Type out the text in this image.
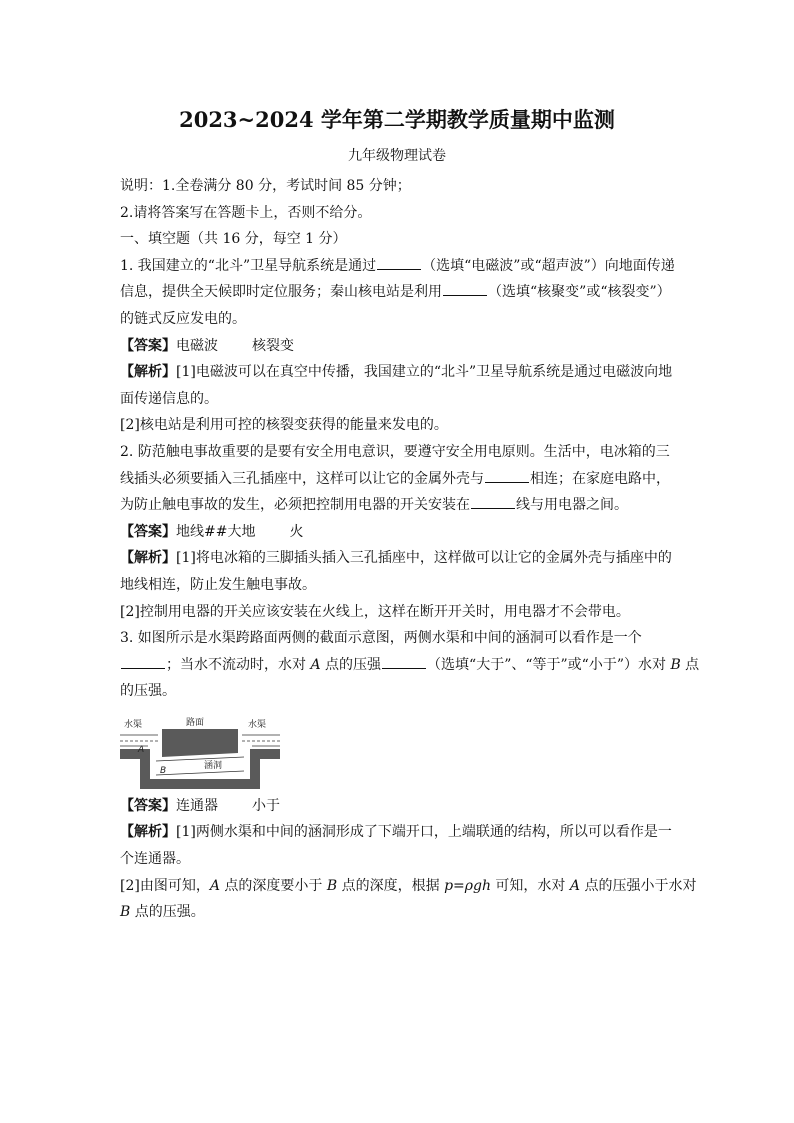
2023~2024 学年第二学期教学质量期中监测
九年级物理试卷
说明：1.全卷满分 80 分，考试时间 85 分钟；
2.请将答案写在答题卡上，否则不给分。
一、填空题（共 16 分，每空 1 分）
1. 我国建立的“北斗”卫星导航系统是通过	（选填“电磁波”或“超声波”）向地面传递
信息，提供全天候即时定位服务；秦山核电站是利用	（选填“核聚变”或“核裂变”）
的链式反应发电的。
【答案】电磁波 核裂变
【解析】[1]电磁波可以在真空中传播，我国建立的“北斗”卫星导航系统是通过电磁波向地
面传递信息的。
[2]核电站是利用可控的核裂变获得的能量来发电的。
2. 防范触电事故重要的是要有安全用电意识，要遵守安全用电原则。生活中，电冰箱的三
线插头必须要插入三孔插座中，这样可以让它的金属外壳与	相连；在家庭电路中，
为防止触电事故的发生，必须把控制用电器的开关安装在	线与用电器之间。
【答案】地线##大地 火
【解析】[1]将电冰箱的三脚插头插入三孔插座中，这样做可以让它的金属外壳与插座中的
地线相连，防止发生触电事故。
[2]控制用电器的开关应该安装在火线上，这样在断开开关时，用电器才不会带电。
3. 如图所示是水渠跨路面两侧的截面示意图，两侧水渠和中间的涵洞可以看作是一个
；当水不流动时，水对 A 点的压强	（选填“大于”、“等于”或“小于”）水对 B 点
的压强。
水渠	路面	水渠
涵洞
A
B
【答案】连通器 小于
【解析】[1]两侧水渠和中间的涵洞形成了下端开口，上端联通的结构，所以可以看作是一
个连通器。
[2]由图可知，A 点的深度要小于 B 点的深度，根据 p=ρgh 可知，水对 A 点的压强小于水对
B 点的压强。
